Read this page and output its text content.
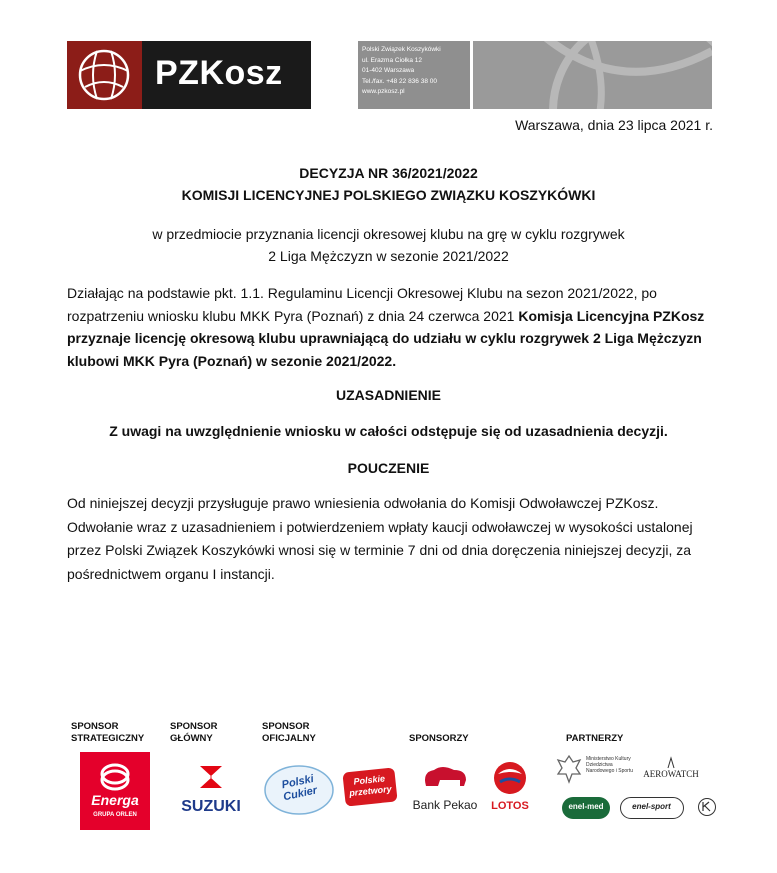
PZKosz
Polski Związek Koszykówki
ul. Erazma Ciołka 12
01-402 Warszawa
Tel./fax. +48 22 836 38 00
www.pzkosz.pl
Warszawa, dnia 23 lipca 2021 r.
DECYZJA NR 36/2021/2022
KOMISJI LICENCYJNEJ POLSKIEGO ZWIĄZKU KOSZYKÓWKI
w przedmiocie przyznania licencji okresowej klubu na grę w cyklu rozgrywek
2 Liga Mężczyzn w sezonie 2021/2022
Działając na podstawie pkt. 1.1. Regulaminu Licencji Okresowej Klubu na sezon 2021/2022, po rozpatrzeniu wniosku klubu MKK Pyra (Poznań) z dnia 24 czerwca 2021 Komisja Licencyjna PZKosz przyznaje licencję okresową klubu uprawniającą do udziału w cyklu rozgrywek 2 Liga Mężczyzn klubowi MKK Pyra (Poznań) w sezonie 2021/2022.
UZASADNIENIE
Z uwagi na uwzględnienie wniosku w całości odstępuje się od uzasadnienia decyzji.
POUCZENIE
Od niniejszej decyzji przysługuje prawo wniesienia odwołania do Komisji Odwoławczej PZKosz. Odwołanie wraz z uzasadnieniem i potwierdzeniem wpłaty kaucji odwoławczej w wysokości ustalonej przez Polski Związek Koszykówki wnosi się w terminie 7 dni od dnia doręczenia niniejszej decyzji, za pośrednictwem organu I instancji.
SPONSOR
STRATEGICZNY
SPONSOR
GŁÓWNY
SPONSOR
OFICJALNY	SPONSORZY	PARTNERZY
Energa
GRUPA ORLEN	SUZUKI
Polski Cukier
Polskie przetwory
Bank Pekao LOTOS
Ministerstwo Kultury Dziedzictwa Narodowego i Sportu	AEROWATCH
enel-med	enel-sport
